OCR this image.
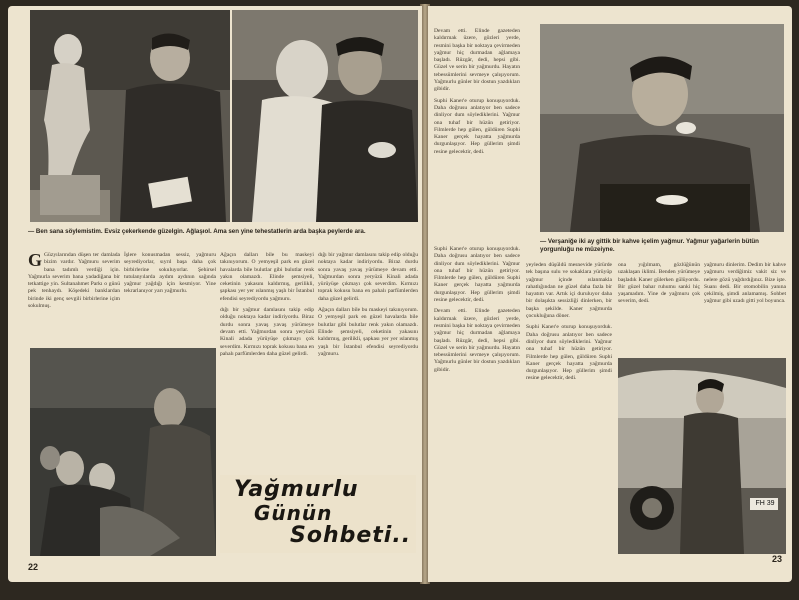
— Ben sana söylemistim. Evsiz çekerkende güzelgin. Ağlaşıol. Ama sen yine tehestatlerin arda başka peylerde ara.
G Güzyılarından düşen ter damlada bizim vardır. Yağmuru severim bana tadımlı verdiği için. Yağmurla severim bana yadadiğana bir tetkattige yin. Sultanahmet Parkı o günü pek tenhaydı. Köşedeki banklardan birinde iki genç sevgili birbirlerine içim sokulmuş.

İşlere konusmadan sessiz, yağmuru seyrediyorlar, sıyrıl başa daha çok birbirlerine sokuluyorlar. Şehirsel tutulanyılarda aydım aydının sağında yağmur yağdığı için kesmiyor. Yine tekrarlanıyor yarı yağmurlu.

Ağaçın dalları bile bu maskeyi takınıyorum. O yemyeşil park en güzel havalarda bile bulutlar gibi bulutlar renk yakın olamazdı. Elinde şemsiyeli, ceketinin yakasını kaldırmış, gerilikli, şapkası yer yer ıslanmış yaşlı bir İstanbul efendisi seyrediyordu yağmuru.

dığı bir yağmur damlasını takip edip olduğu noktaya kadar indiriyordu. Biraz durdu sonra yavaş yavaş yürümeye devam etti. Yağmurdan sonra yeryüzü Kinali adada yürüyüşe çıkmayı çok severdim. Kırmızı toprak kokusu bana en pahalı parfümlerden daha güzel gelirdi.

dığı bir yağmur damlasını takip edip olduğu noktaya kadar indiriyordu. Biraz durdu sonra yavaş yavaş yürümeye devam etti. Yağmurdan sonra yeryüzü Kinali adada yürüyüşe çıkmayı çok severdim. Kırmızı toprak kokusu bana en pahalı parfümlerden daha güzel gelirdi.

Ağaçın dalları bile bu maskeyi takınıyorum. O yemyeşil park en güzel havalarda bile bulutlar gibi bulutlar renk yakın olamazdı. Elinde şemsiyeli, ceketinin yakasını kaldırmış, gerilikli, şapkası yer yer ıslanmış yaşlı bir İstanbul efendisi seyrediyordu yağmuru.

Yağmurlu
Günün
Sohbeti..
22

Devam etti. Elinde gazeteden kaldırmak üzere, gözleri yerde, resmini başka bir noktaya çevirmeden yağmur hiç durmadan ağlamaya başladı. Rüzgâr, dedi, hepsi gibi. Güzel ve serin bir yağmurdu. Hayatın tebessümlerini sevmeye çalışıyorum. Yağmurlu günler bir dostun yazdıkları gibidir.

Suphi Kaner'e oturup konuşuyorduk. Daha doğrusu anlatıyor ben sadece dinliyor dum söylediklerini. Yağmur ona tuhaf bir hüzün getiriyor. Filmlerde hep gülen, güldüren Suphi Kaner gerçek hayatta yağmurda durgunlaşıyor. Hep güllerim şimdi resine gelecektir, dedi.

— Verşaniğe iki ay gittik bir kahve içelim yağmur. Yağmur yağarlerin bütün yorgunluğu ne müzeiyne.

Suphi Kaner'e oturup konuşuyorduk. Daha doğrusu anlatıyor ben sadece dinliyor dum söylediklerini. Yağmur ona tuhaf bir hüzün getiriyor. Filmlerde hep gülen, güldüren Suphi Kaner gerçek hayatta yağmurda durgunlaşıyor. Hep güllerim şimdi resine gelecektir, dedi.

Devam etti. Elinde gazeteden kaldırmak üzere, gözleri yerde, resmini başka bir noktaya çevirmeden yağmur hiç durmadan ağlamaya başladı. Rüzgâr, dedi, hepsi gibi. Güzel ve serin bir yağmurdu. Hayatın tebessümlerini sevmeye çalışıyorum. Yağmurlu günler bir dostun yazdıkları gibidir.

yeyleden düşüldü mesnevide yürürde tek başına sulu ve sokaklara yürüyüp yağmur içinde ıslanmakla rahatlığından ne güzel daha fazla bir hayatım var. Artık içi duruluyor daha bir dolaşıkta sessizliği dinlerken, bir başka şekilde. Kaner yağmurda çocukluğuna döner.

Suphi Kaner'e oturup konuşuyorduk. Daha doğrusu anlatıyor ben sadece dinliyor dum söylediklerini. Yağmur ona tuhaf bir hüzün getiriyor. Filmlerde hep gülen, güldüren Suphi Kaner gerçek hayatta yağmurda durgunlaşıyor. Hep güllerim şimdi resine gelecektir, dedi.

ona yığılmam, gözlüğünün uzaklaşan iklimi. Benden yürümeye başladık Kaner gülerken gülüyordu. Bir güzel bahar ruhumu sanki hiç yaşamadım. Yine de yağmuru çok severim, dedi.

yağmuru dinlerim. Dedim bir kahve yağmuru verdiğimiz vakit siz ve nelere gözü yağdırdığınız. Bize işte. Suanı dedi. Bir otomobilin yanına çekilmiş, şimdi anlamamış. Sohbet yağmur gibi uzadı gitti yol boyunca.

FH 39
23
